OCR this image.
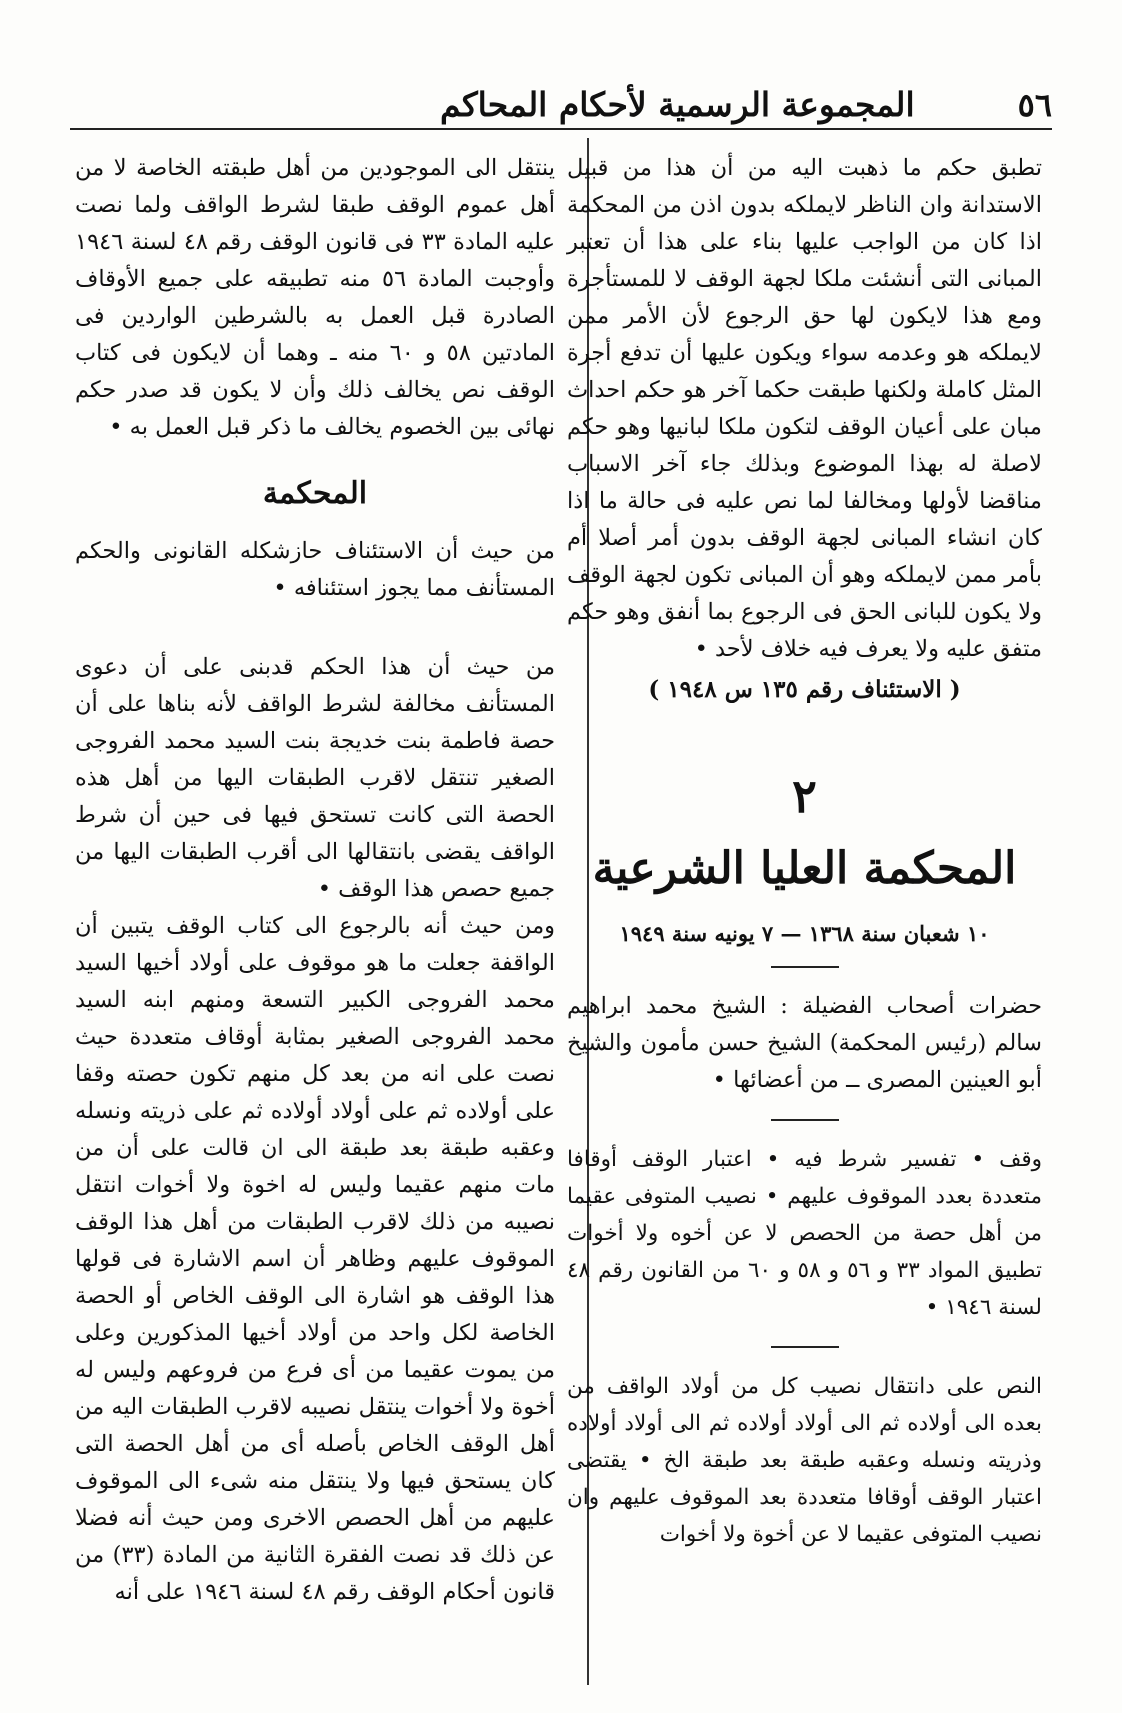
٥٦
المجموعة الرسمية لأحكام المحاكم

تطبق حكم ما ذهبت اليه من أن هذا من قبيل الاستدانة وان الناظر لايملكه بدون اذن من المحكمة اذا كان من الواجب عليها بناء على هذا أن تعتبر المبانى التى أنشئت ملكا لجهة الوقف لا للمستأجرة ومع هذا لايكون لها حق الرجوع لأن الأمر ممن لايملكه هو وعدمه سواء ويكون عليها أن تدفع أجرة المثل كاملة ولكنها طبقت حكما آخر هو حكم احداث مبان على أعيان الوقف لتكون ملكا لبانيها وهو حكم لاصلة له بهذا الموضوع وبذلك جاء آخر الاسباب مناقضا لأولها ومخالفا لما نص عليه فى حالة ما اذا كان انشاء المبانى لجهة الوقف بدون أمر أصلا أم بأمر ممن لايملكه وهو أن المبانى تكون لجهة الوقف ولا يكون للبانى الحق فى الرجوع بما أنفق وهو حكم متفق عليه ولا يعرف فيه خلاف لأحد •

( الاستئناف رقم ١٣٥ س ١٩٤٨ )
٢
المحكمة العليا الشرعية
١٠ شعبان سنة ١٣٦٨ — ٧ يونيه سنة ١٩٤٩

حضرات أصحاب الفضيلة : الشيخ محمد ابراهيم سالم (رئيس المحكمة) الشيخ حسن مأمون والشيخ أبو العينين المصرى ــ من أعضائها •

وقف • تفسير شرط فيه • اعتبار الوقف أوقافا متعددة بعدد الموقوف عليهم • نصيب المتوفى عقيما من أهل حصة من الحصص لا عن أخوه ولا أخوات تطبيق المواد ٣٣ و ٥٦ و ٥٨ و ٦٠ من القانون رقم ٤٨ لسنة ١٩٤٦ •

النص على دانتقال نصيب كل من أولاد الواقف من بعده الى أولاده ثم الى أولاد أولاده ثم الى أولاد أولاده وذريته ونسله وعقبه طبقة بعد طبقة الخ • يقتضى اعتبار الوقف أوقافا متعددة بعد الموقوف عليهم وان نصيب المتوفى عقيما لا عن أخوة ولا أخوات

ينتقل الى الموجودين من أهل طبقته الخاصة لا من أهل عموم الوقف طبقا لشرط الواقف ولما نصت عليه المادة ٣٣ فى قانون الوقف رقم ٤٨ لسنة ١٩٤٦ وأوجبت المادة ٥٦ منه تطبيقه على جميع الأوقاف الصادرة قبل العمل به بالشرطين الواردين فى المادتين ٥٨ و ٦٠ منه ـ وهما أن لايكون فى كتاب الوقف نص يخالف ذلك وأن لا يكون قد صدر حكم نهائى بين الخصوم يخالف ما ذكر قبل العمل به •

المحكمة

من حيث أن الاستئناف حازشكله القانونى والحكم المستأنف مما يجوز استئنافه •

من حيث أن هذا الحكم قدبنى على أن دعوى المستأنف مخالفة لشرط الواقف لأنه بناها على أن حصة فاطمة بنت خديجة بنت السيد محمد الفروجى الصغير تنتقل لاقرب الطبقات اليها من أهل هذه الحصة التى كانت تستحق فيها فى حين أن شرط الواقف يقضى بانتقالها الى أقرب الطبقات اليها من جميع حصص هذا الوقف •

ومن حيث أنه بالرجوع الى كتاب الوقف يتبين أن الواقفة جعلت ما هو موقوف على أولاد أخيها السيد محمد الفروجى الكبير التسعة ومنهم ابنه السيد محمد الفروجى الصغير بمثابة أوقاف متعددة حيث نصت على انه من بعد كل منهم تكون حصته وقفا على أولاده ثم على أولاد أولاده ثم على ذريته ونسله وعقبه طبقة بعد طبقة الى ان قالت على أن من مات منهم عقيما وليس له اخوة ولا أخوات انتقل نصيبه من ذلك لاقرب الطبقات من أهل هذا الوقف الموقوف عليهم وظاهر أن اسم الاشارة فى قولها هذا الوقف هو اشارة الى الوقف الخاص أو الحصة الخاصة لكل واحد من أولاد أخيها المذكورين وعلى من يموت عقيما من أى فرع من فروعهم وليس له أخوة ولا أخوات ينتقل نصيبه لاقرب الطبقات اليه من أهل الوقف الخاص بأصله أى من أهل الحصة التى كان يستحق فيها ولا ينتقل منه شىء الى الموقوف عليهم من أهل الحصص الاخرى ومن حيث أنه فضلا عن ذلك قد نصت الفقرة الثانية من المادة (٣٣) من قانون أحكام الوقف رقم ٤٨ لسنة ١٩٤٦ على أنه
